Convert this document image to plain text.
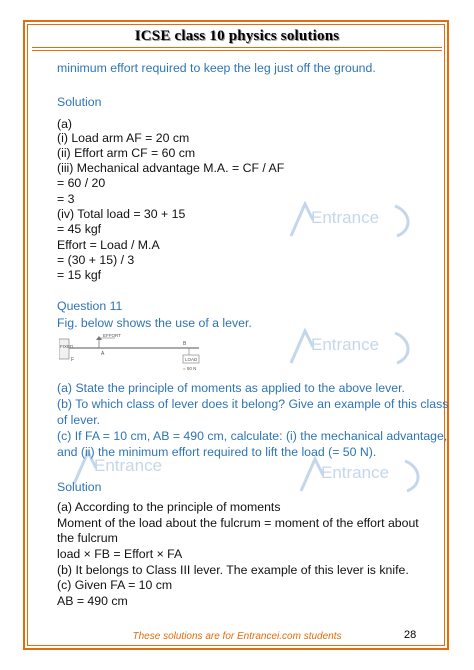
ICSE class 10 physics solutions
Entrance
Entrance
Entrance
Entrance
minimum effort required to keep the leg just off the ground.
Solution
(a)
(i) Load arm AF = 20 cm
(ii) Effort arm CF = 60 cm
(iii) Mechanical advantage M.A. = CF / AF
= 60 / 20
= 3
(iv) Total load = 30 + 15
= 45 kgf
Effort = Load / M.A
= (30 + 15) / 3
= 15 kgf
Question 11
Fig. below shows the use of a lever.
FIXED
EFFORT
A
B
F	LOAD
= 50 N
(a) State the principle of moments as applied to the above lever.
(b) To which class of lever does it belong? Give an example of this class
of lever.
(c) If FA = 10 cm, AB = 490 cm, calculate: (i) the mechanical advantage,
and (ii) the minimum effort required to lift the load (= 50 N).
Solution
(a) According to the principle of moments
Moment of the load about the fulcrum = moment of the effort about
the fulcrum
load × FB = Effort × FA
(b) It belongs to Class III lever. The example of this lever is knife.
(c) Given FA = 10 cm
AB = 490 cm
These solutions are for Entrancei.com students	28
